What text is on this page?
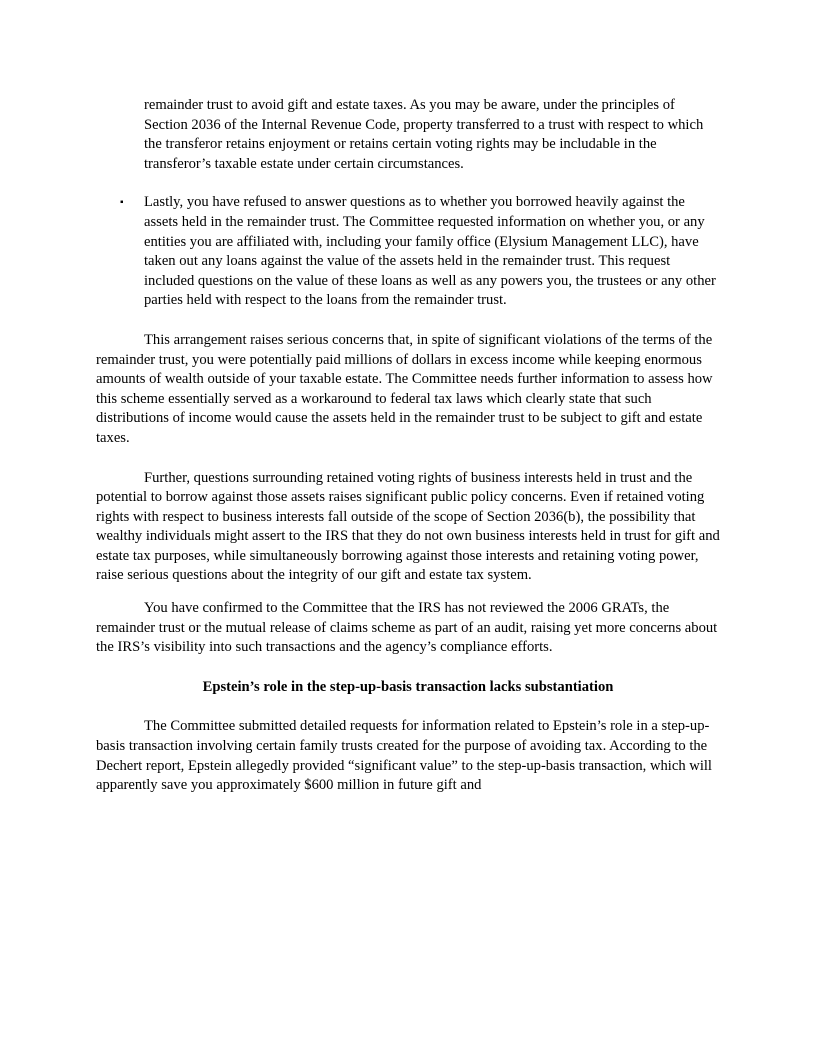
remainder trust to avoid gift and estate taxes. As you may be aware, under the principles of Section 2036 of the Internal Revenue Code, property transferred to a trust with respect to which the transferor retains enjoyment or retains certain voting rights may be includable in the transferor’s taxable estate under certain circumstances.

▪ Lastly, you have refused to answer questions as to whether you borrowed heavily against the assets held in the remainder trust. The Committee requested information on whether you, or any entities you are affiliated with, including your family office (Elysium Management LLC), have taken out any loans against the value of the assets held in the remainder trust. This request included questions on the value of these loans as well as any powers you, the trustees or any other parties held with respect to the loans from the remainder trust.

This arrangement raises serious concerns that, in spite of significant violations of the terms of the remainder trust, you were potentially paid millions of dollars in excess income while keeping enormous amounts of wealth outside of your taxable estate. The Committee needs further information to assess how this scheme essentially served as a workaround to federal tax laws which clearly state that such distributions of income would cause the assets held in the remainder trust to be subject to gift and estate taxes.

Further, questions surrounding retained voting rights of business interests held in trust and the potential to borrow against those assets raises significant public policy concerns. Even if retained voting rights with respect to business interests fall outside of the scope of Section 2036(b), the possibility that wealthy individuals might assert to the IRS that they do not own business interests held in trust for gift and estate tax purposes, while simultaneously borrowing against those interests and retaining voting power, raise serious questions about the integrity of our gift and estate tax system.

You have confirmed to the Committee that the IRS has not reviewed the 2006 GRATs, the remainder trust or the mutual release of claims scheme as part of an audit, raising yet more concerns about the IRS’s visibility into such transactions and the agency’s compliance efforts.

Epstein’s role in the step-up-basis transaction lacks substantiation

The Committee submitted detailed requests for information related to Epstein’s role in a step-up-basis transaction involving certain family trusts created for the purpose of avoiding tax. According to the Dechert report, Epstein allegedly provided “significant value” to the step-up-basis transaction, which will apparently save you approximately $600 million in future gift and
